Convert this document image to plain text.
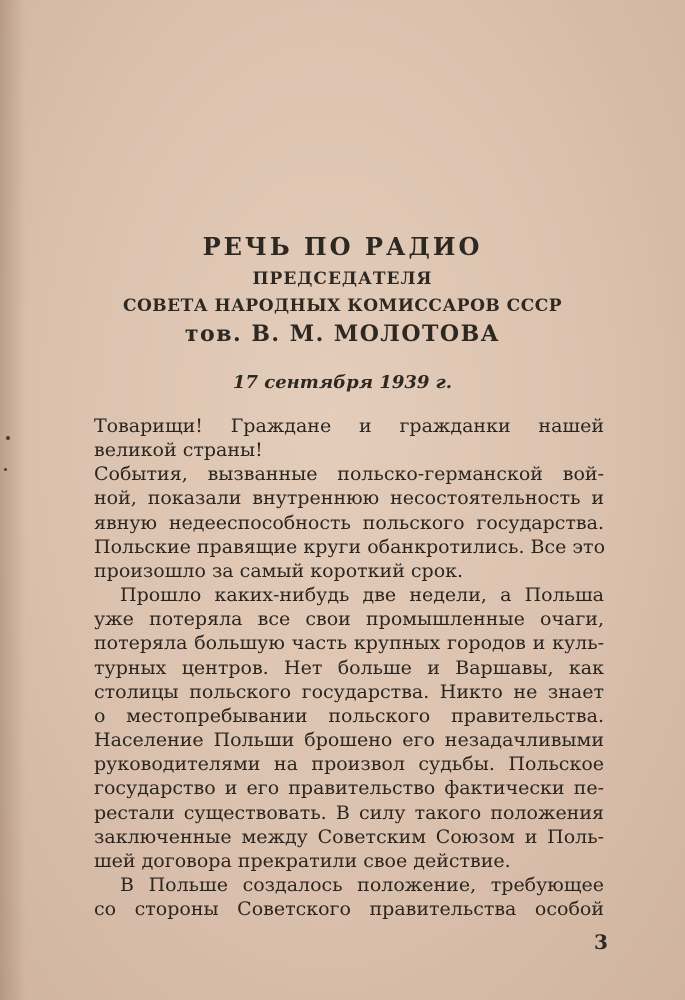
РЕЧЬ ПО РАДИО
ПРЕДСЕДАТЕЛЯ
СОВЕТА НАРОДНЫХ КОМИССАРОВ СССР
тов. В. М. МОЛОТОВА
17 сентября 1939 г.
Товарищи! Граждане и гражданки нашей
великой страны!
События, вызванные польско-германской вой-
ной, показали внутреннюю несостоятельность и
явную недееспособность польского государства.
Польские правящие круги обанкротились. Все это
произошло за самый короткий срок.
Прошло каких-нибудь две недели, а Польша
уже потеряла все свои промышленные очаги,
потеряла большую часть крупных городов и куль-
турных центров. Нет больше и Варшавы, как
столицы польского государства. Никто не знает
о местопребывании польского правительства.
Население Польши брошено его незадачливыми
руководителями на произвол судьбы. Польское
государство и его правительство фактически пе-
рестали существовать. В силу такого положения
заключенные между Советским Союзом и Поль-
шей договора прекратили свое действие.
В Польше создалось положение, требующее
со стороны Советского правительства особой
3
